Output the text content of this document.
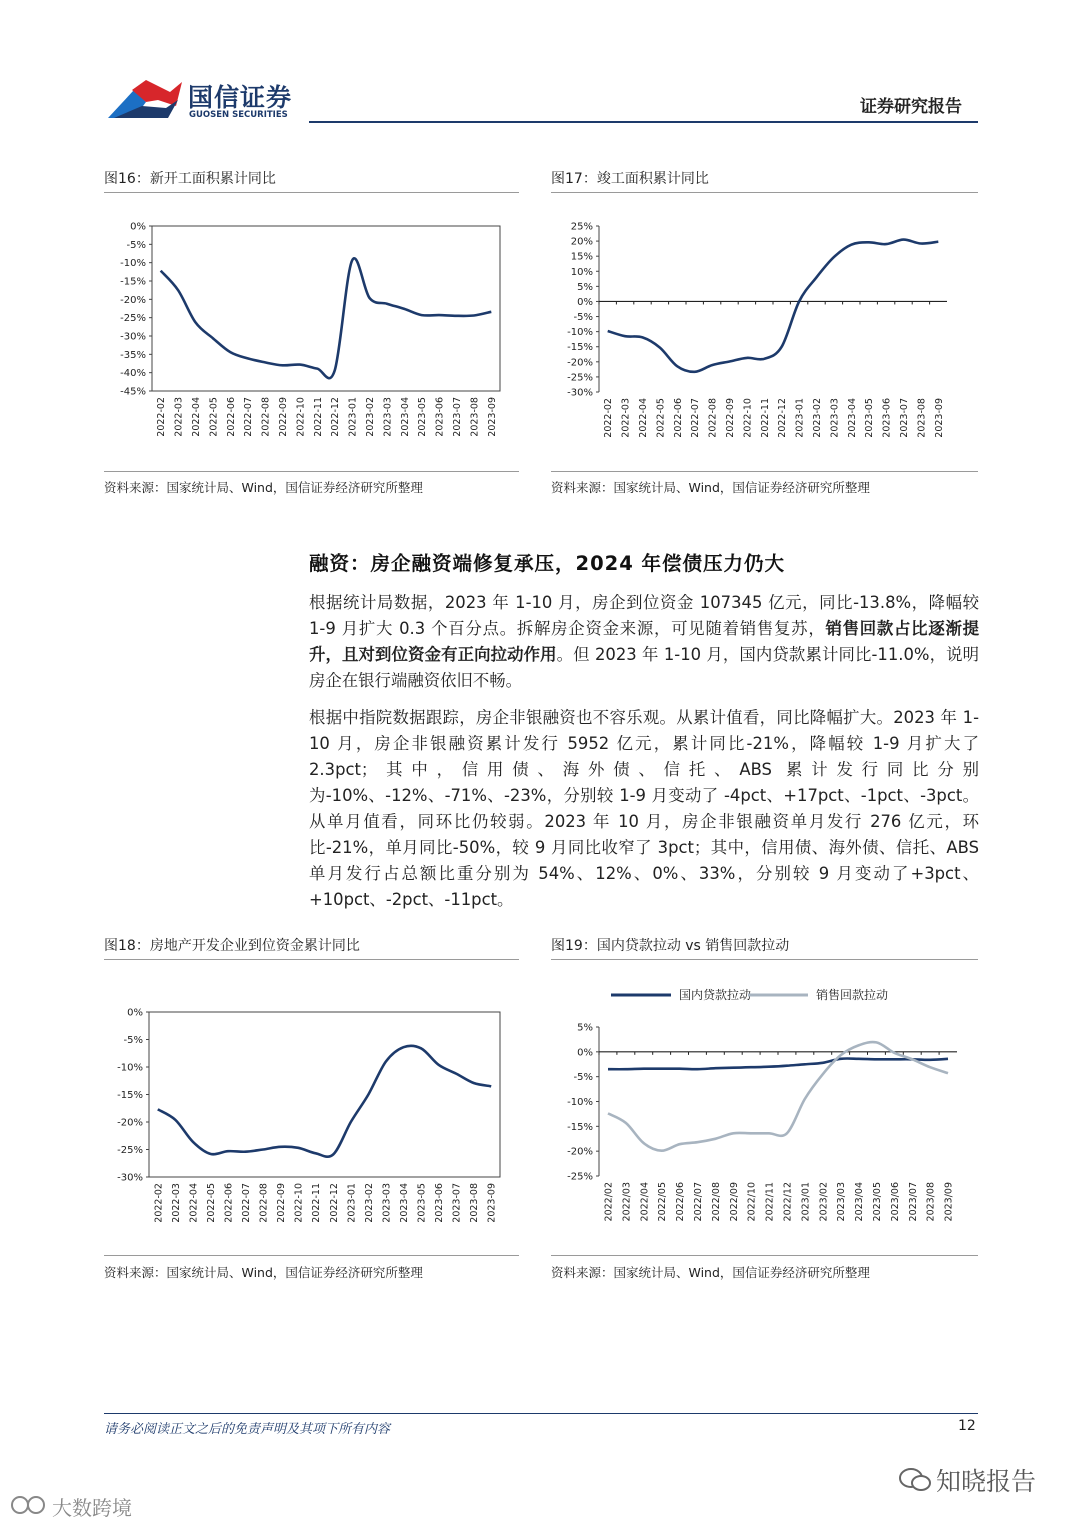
国信证券
GUOSEN SECURITIES	证券研究报告
图16：新开工面积累计同比
0%
-5%
-10%
-15%
-20%
-25%
-30%
-35%
-40%
-45%
2022-02 2022-03 2022-04 2022-05 2022-06 2022-07 2022-08 2022-09 2022-10 2022-11 2022-12 2023-01 2023-02 2023-03 2023-04 2023-05 2023-06 2023-07 2023-08 2023-09
资料来源：国家统计局、Wind，国信证券经济研究所整理
图17：竣工面积累计同比
25%
20%
15%
10%
5%
0%
-5%
-10%
-15%
-20%
-25%
-30%
2022-02 2022-03 2022-04 2022-05 2022-06 2022-07 2022-08 2022-09 2022-10 2022-11 2022-12 2023-01 2023-02 2023-03 2023-04 2023-05 2023-06 2023-07 2023-08 2023-09
资料来源：国家统计局、Wind，国信证券经济研究所整理
融资：房企融资端修复承压，2024 年偿债压力仍大
根据统计局数据，2023 年 1-10 月，房企到位资金 107345 亿元，同比-13.8%，降幅较 1-9 月扩大 0.3 个百分点。拆解房企资金来源，可见随着销售复苏，销售回款占比逐渐提升，且对到位资金有正向拉动作用。但 2023 年 1-10 月，国内贷款累计同比-11.0%，说明房企在银行端融资依旧不畅。
根据中指院数据跟踪，房企非银融资也不容乐观。从累计值看，同比降幅扩大。2023 年 1-10 月，房企非银融资累计发行 5952 亿元，累计同比-21%，降幅较 1-9 月扩大了 2.3pct；其中，信用债、海外债、信托、ABS 累计发行同比分别为-10%、-12%、-71%、-23%，分别较 1-9 月变动了 -4pct、+17pct、-1pct、-3pct。从单月值看，同环比仍较弱。2023 年 10 月，房企非银融资单月发行 276 亿元，环比-21%，单月同比-50%，较 9 月同比收窄了 3pct；其中，信用债、海外债、信托、ABS 单月发行占总额比重分别为 54%、12%、0%、33%，分别较 9 月变动了+3pct、+10pct、-2pct、-11pct。
图18：房地产开发企业到位资金累计同比
0%
-5%
-10%
-15%
-20%
-25%
-30%
2022-02 2022-03 2022-04 2022-05 2022-06 2022-07 2022-08 2022-09 2022-10 2022-11 2022-12 2023-01 2023-02 2023-03 2023-04 2023-05 2023-06 2023-07 2023-08 2023-09
资料来源：国家统计局、Wind，国信证券经济研究所整理
图19：国内贷款拉动 vs 销售回款拉动
5%
0%
-5%
-10%
-15%
-20%
-25%
2022/02 2022/03 2022/04 2022/05 2022/06 2022/07 2022/08 2022/09 2022/10 2022/11 2022/12 2023/01 2023/02 2023/03 2023/04 2023/05 2023/06 2023/07 2023/08 2023/09
国内贷款拉动	销售回款拉动
资料来源：国家统计局、Wind，国信证券经济研究所整理
请务必阅读正文之后的免责声明及其项下所有内容	12
大数跨境
知晓报告
